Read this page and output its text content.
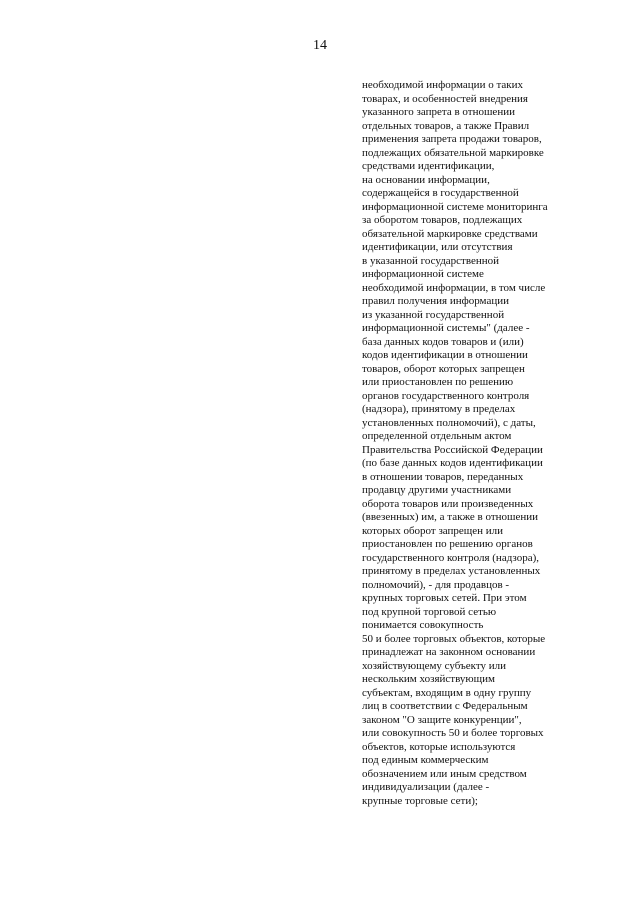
14
необходимой информации о таких
товарах, и особенностей внедрения
указанного запрета в отношении
отдельных товаров, а также Правил
применения запрета продажи товаров,
подлежащих обязательной маркировке
средствами идентификации,
на основании информации,
содержащейся в государственной
информационной системе мониторинга
за оборотом товаров, подлежащих
обязательной маркировке средствами
идентификации, или отсутствия
в указанной государственной
информационной системе
необходимой информации, в том числе
правил получения информации
из указанной государственной
информационной системы" (далее -
база данных кодов товаров и (или)
кодов идентификации в отношении
товаров, оборот которых запрещен
или приостановлен по решению
органов государственного контроля
(надзора), принятому в пределах
установленных полномочий), с даты,
определенной отдельным актом
Правительства Российской Федерации
(по базе данных кодов идентификации
в отношении товаров, переданных
продавцу другими участниками
оборота товаров или произведенных
(ввезенных) им, а также в отношении
которых оборот запрещен или
приостановлен по решению органов
государственного контроля (надзора),
принятому в пределах установленных
полномочий), - для продавцов -
крупных торговых сетей. При этом
под крупной торговой сетью
понимается совокупность
50 и более торговых объектов, которые
принадлежат на законном основании
хозяйствующему субъекту или
нескольким хозяйствующим
субъектам, входящим в одну группу
лиц в соответствии с Федеральным
законом "О защите конкуренции",
или совокупность 50 и более торговых
объектов, которые используются
под единым коммерческим
обозначением или иным средством
индивидуализации (далее -
крупные торговые сети);
